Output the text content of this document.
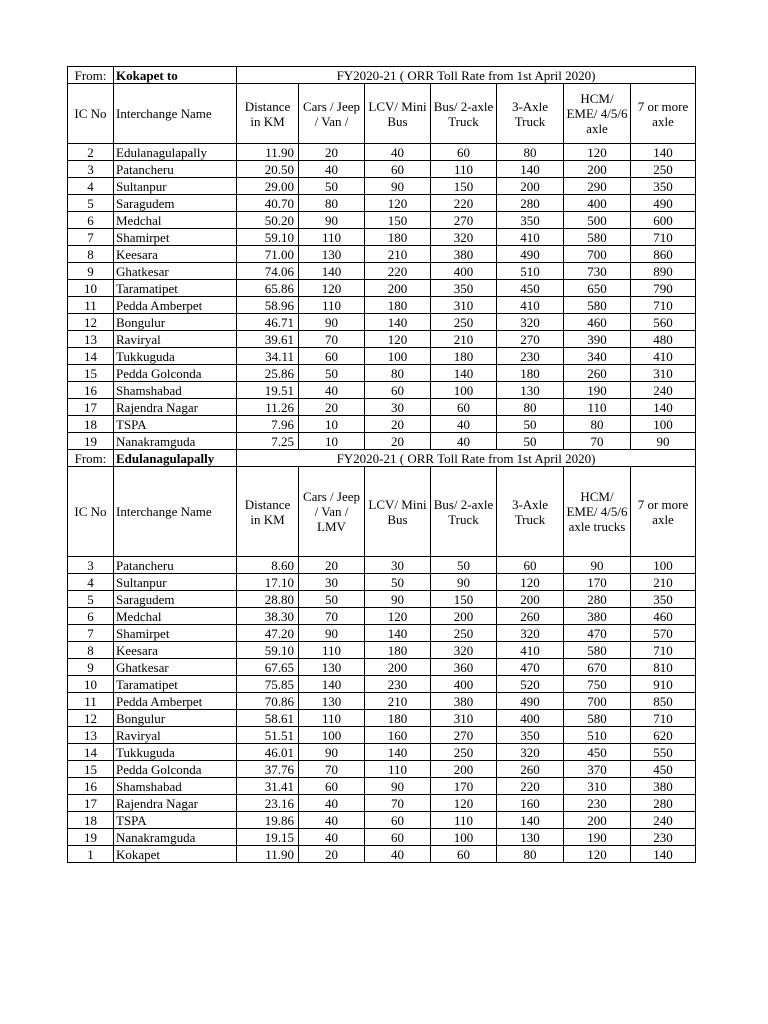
From:	Kokapet to	FY2020-21 ( ORR Toll Rate from 1st April 2020)						
IC No	Interchange Name	Distance in KM	Cars / Jeep / Van /	LCV/ Mini Bus	Bus/ 2-axle Truck	3-Axle Truck	HCM/ EME/ 4/5/6 axle	7 or more axle
2	Edulanagulapally	11.90	20	40	60	80	120	140
3	Patancheru	20.50	40	60	110	140	200	250
4	Sultanpur	29.00	50	90	150	200	290	350
5	Saragudem	40.70	80	120	220	280	400	490
6	Medchal	50.20	90	150	270	350	500	600
7	Shamirpet	59.10	110	180	320	410	580	710
8	Keesara	71.00	130	210	380	490	700	860
9	Ghatkesar	74.06	140	220	400	510	730	890
10	Taramatipet	65.86	120	200	350	450	650	790
11	Pedda Amberpet	58.96	110	180	310	410	580	710
12	Bongulur	46.71	90	140	250	320	460	560
13	Raviryal	39.61	70	120	210	270	390	480
14	Tukkuguda	34.11	60	100	180	230	340	410
15	Pedda Golconda	25.86	50	80	140	180	260	310
16	Shamshabad	19.51	40	60	100	130	190	240
17	Rajendra Nagar	11.26	20	30	60	80	110	140
18	TSPA	7.96	10	20	40	50	80	100
19	Nanakramguda	7.25	10	20	40	50	70	90
From:	Edulanagulapally	FY2020-21 ( ORR Toll Rate from 1st April 2020)						
IC No	Interchange Name	Distance in KM	Cars / Jeep / Van / LMV	LCV/ Mini Bus	Bus/ 2-axle Truck	3-Axle Truck	HCM/ EME/ 4/5/6 axle trucks	7 or more axle
3	Patancheru	8.60	20	30	50	60	90	100
4	Sultanpur	17.10	30	50	90	120	170	210
5	Saragudem	28.80	50	90	150	200	280	350
6	Medchal	38.30	70	120	200	260	380	460
7	Shamirpet	47.20	90	140	250	320	470	570
8	Keesara	59.10	110	180	320	410	580	710
9	Ghatkesar	67.65	130	200	360	470	670	810
10	Taramatipet	75.85	140	230	400	520	750	910
11	Pedda Amberpet	70.86	130	210	380	490	700	850
12	Bongulur	58.61	110	180	310	400	580	710
13	Raviryal	51.51	100	160	270	350	510	620
14	Tukkuguda	46.01	90	140	250	320	450	550
15	Pedda Golconda	37.76	70	110	200	260	370	450
16	Shamshabad	31.41	60	90	170	220	310	380
17	Rajendra Nagar	23.16	40	70	120	160	230	280
18	TSPA	19.86	40	60	110	140	200	240
19	Nanakramguda	19.15	40	60	100	130	190	230
1	Kokapet	11.90	20	40	60	80	120	140
